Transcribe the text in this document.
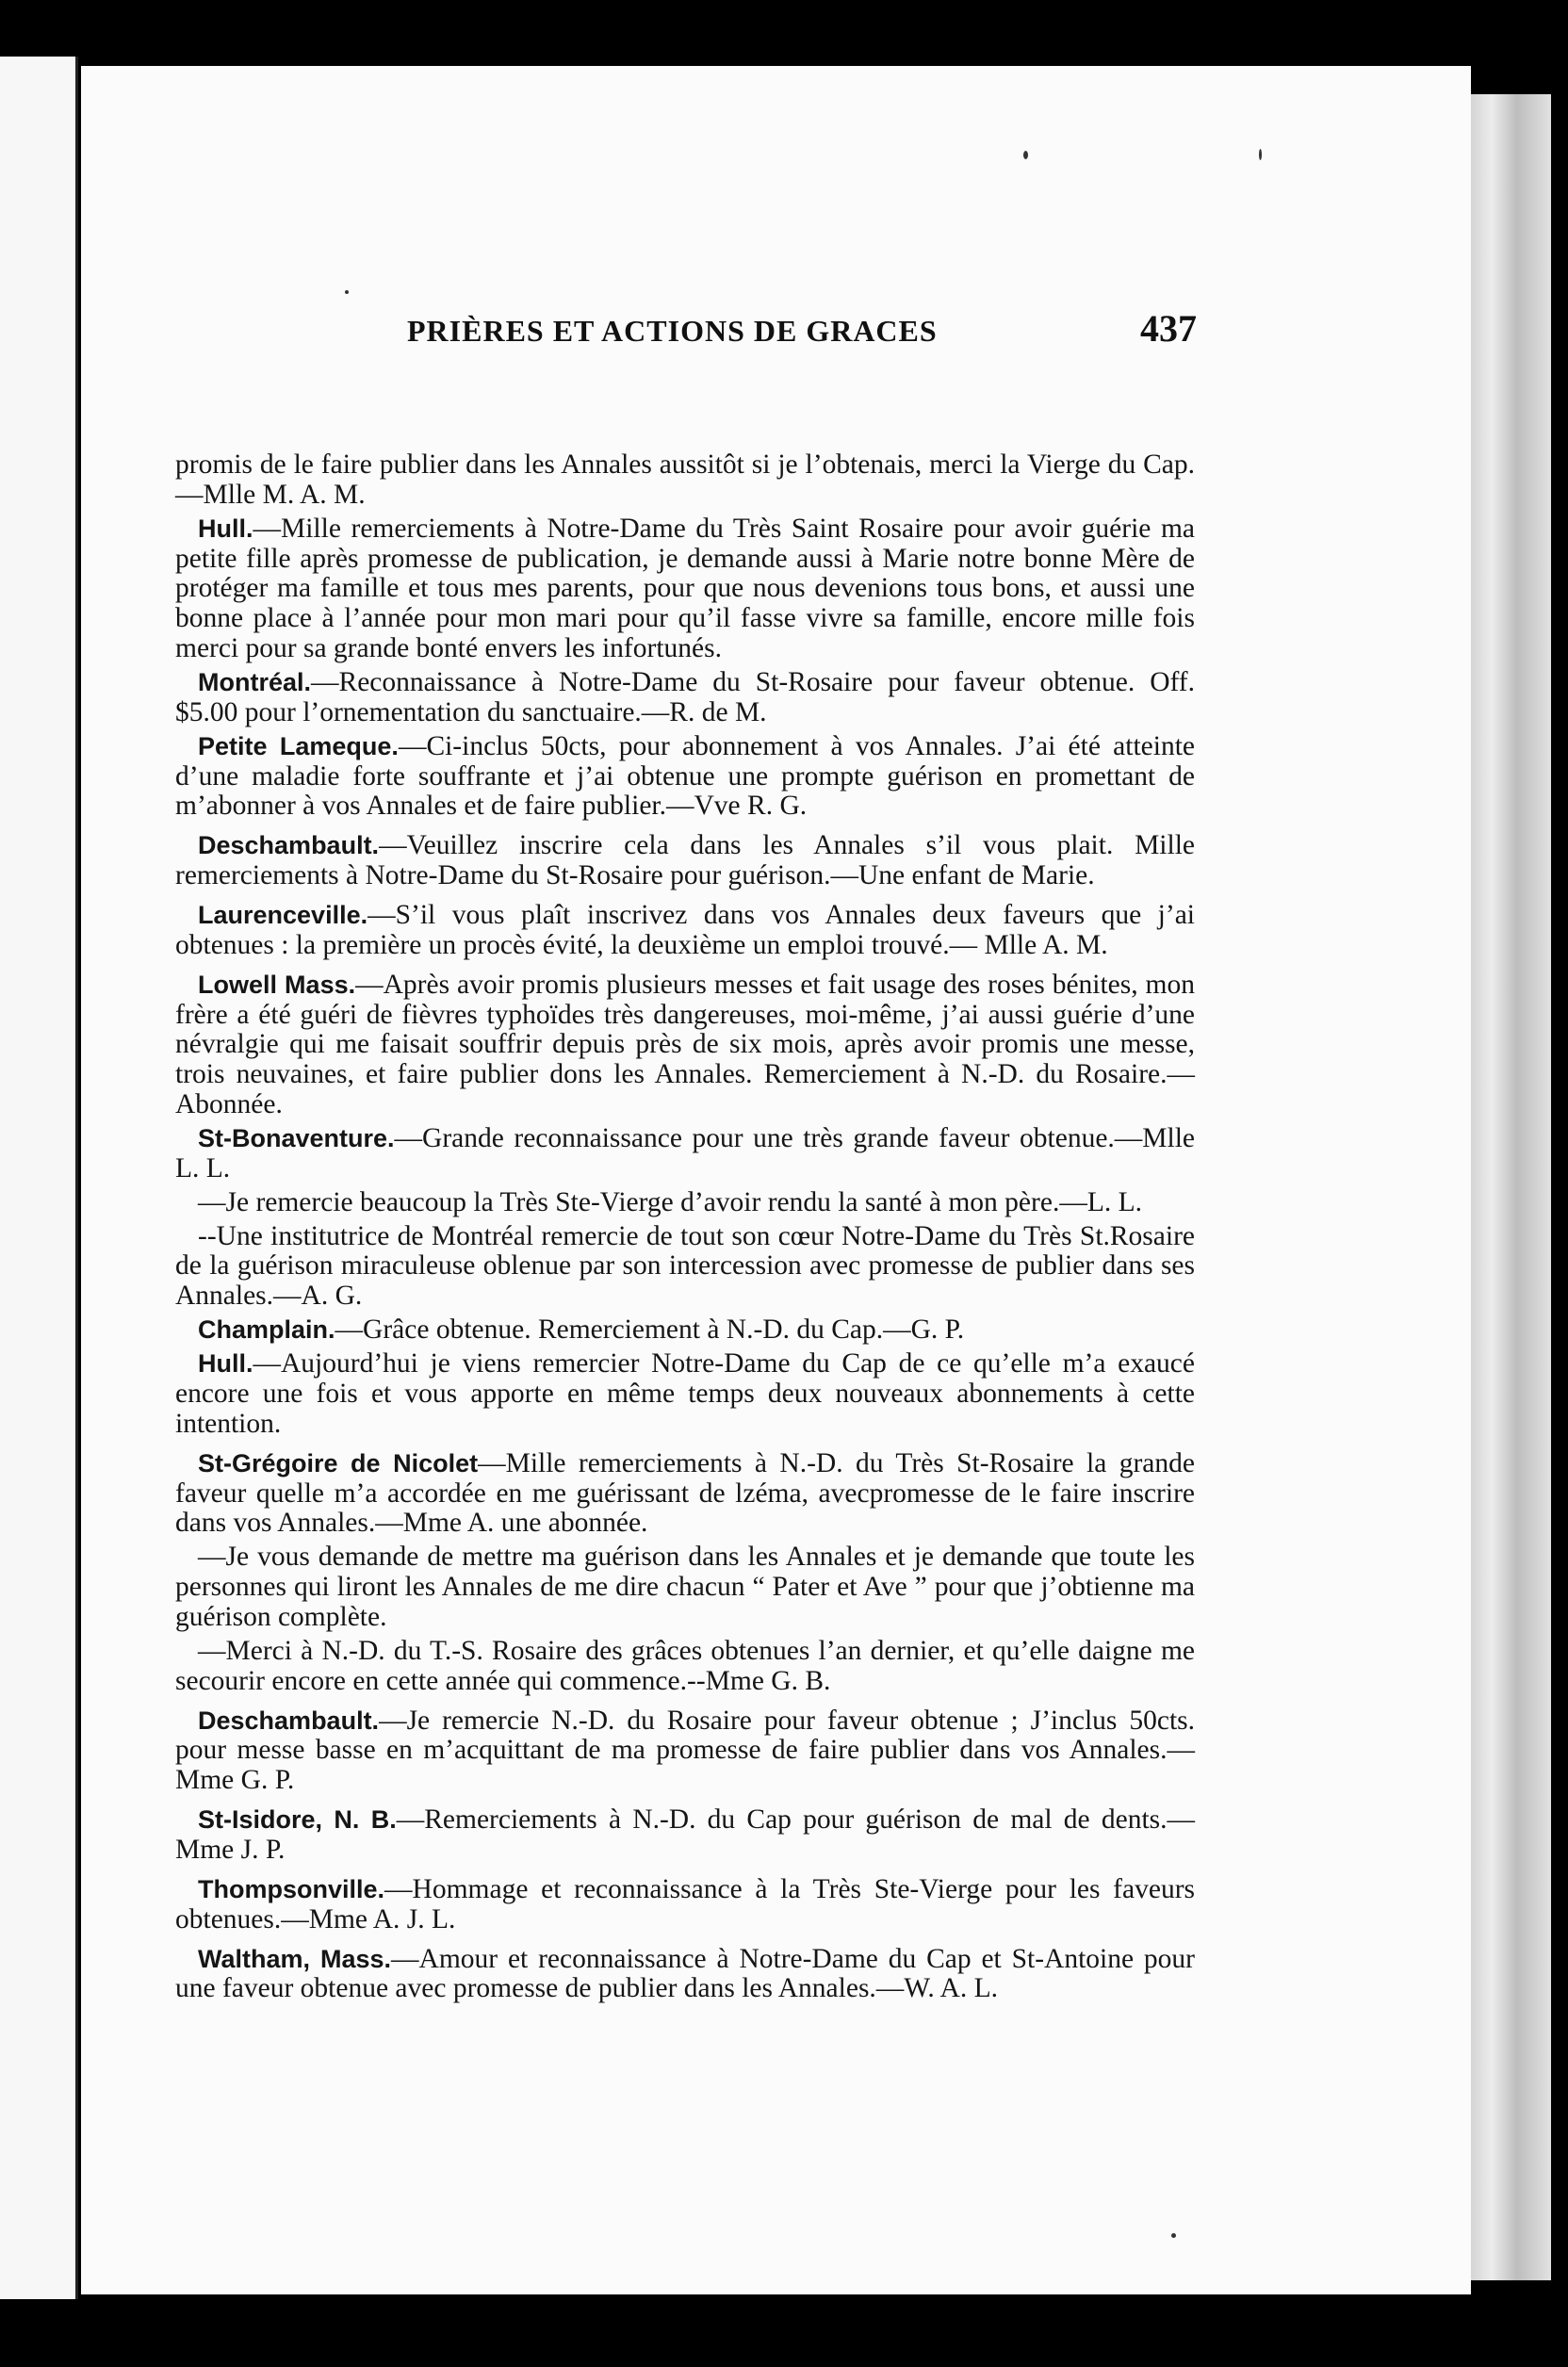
PRIÈRES ET ACTIONS DE GRACES	437

promis de le faire publier dans les Annales aussitôt si je l’obtenais, merci la Vierge du Cap.—Mlle M. A. M.

Hull.—Mille remerciements à Notre-Dame du Très Saint Rosaire pour avoir guérie ma petite fille après promesse de publication, je demande aussi à Marie notre bonne Mère de protéger ma famille et tous mes parents, pour que nous devenions tous bons, et aussi une bonne place à l’année pour mon mari pour qu’il fasse vivre sa famille, encore mille fois merci pour sa grande bonté envers les infortunés.

Montréal.—Reconnaissance à Notre-Dame du St-Rosaire pour faveur obtenue. Off. $5.00 pour l’ornementation du sanctuaire.—R. de M.

Petite Lameque.—Ci-inclus 50cts, pour abonnement à vos Annales. J’ai été atteinte d’une maladie forte souffrante et j’ai obtenue une prompte guérison en promettant de m’abonner à vos Annales et de faire publier.—Vve R. G.

Deschambault.—Veuillez inscrire cela dans les Annales s’il vous plait. Mille remerciements à Notre-Dame du St-Rosaire pour guérison.—Une enfant de Marie.

Laurenceville.—S’il vous plaît inscrivez dans vos Annales deux faveurs que j’ai obtenues : la première un procès évité, la deuxième un emploi trouvé.— Mlle A. M.

Lowell Mass.—Après avoir promis plusieurs messes et fait usage des roses bénites, mon frère a été guéri de fièvres typhoïdes très dangereuses, moi-même, j’ai aussi guérie d’une névralgie qui me faisait souffrir depuis près de six mois, après avoir promis une messe, trois neuvaines, et faire publier dons les Annales. Remerciement à N.-D. du Rosaire.—Abonnée.

St-Bonaventure.—Grande reconnaissance pour une très grande faveur obtenue.—Mlle L. L.

—Je remercie beaucoup la Très Ste-Vierge d’avoir rendu la santé à mon père.—L. L.

--Une institutrice de Montréal remercie de tout son cœur Notre-Dame du Très St.Rosaire de la guérison miraculeuse oblenue par son intercession avec promesse de publier dans ses Annales.—A. G.

Champlain.—Grâce obtenue. Remerciement à N.-D. du Cap.—G. P.

Hull.—Aujourd’hui je viens remercier Notre-Dame du Cap de ce qu’elle m’a exaucé encore une fois et vous apporte en même temps deux nouveaux abonnements à cette intention.

St-Grégoire de Nicolet—Mille remerciements à N.-D. du Très St-Rosaire la grande faveur quelle m’a accordée en me guérissant de lzéma, avecpromesse de le faire inscrire dans vos Annales.—Mme A. une abonnée.

—Je vous demande de mettre ma guérison dans les Annales et je demande que toute les personnes qui liront les Annales de me dire chacun “ Pater et Ave ” pour que j’obtienne ma guérison complète.

—Merci à N.-D. du T.-S. Rosaire des grâces obtenues l’an dernier, et qu’elle daigne me secourir encore en cette année qui commence.--Mme G. B.

Deschambault.—Je remercie N.-D. du Rosaire pour faveur obtenue ; J’inclus 50cts. pour messe basse en m’acquittant de ma promesse de faire publier dans vos Annales.—Mme G. P.

St-Isidore, N. B.—Remerciements à N.-D. du Cap pour guérison de mal de dents.—Mme J. P.

Thompsonville.—Hommage et reconnaissance à la Très Ste-Vierge pour les faveurs obtenues.—Mme A. J. L.

Waltham, Mass.—Amour et reconnaissance à Notre-Dame du Cap et St-Antoine pour une faveur obtenue avec promesse de publier dans les Annales.—W. A. L.
